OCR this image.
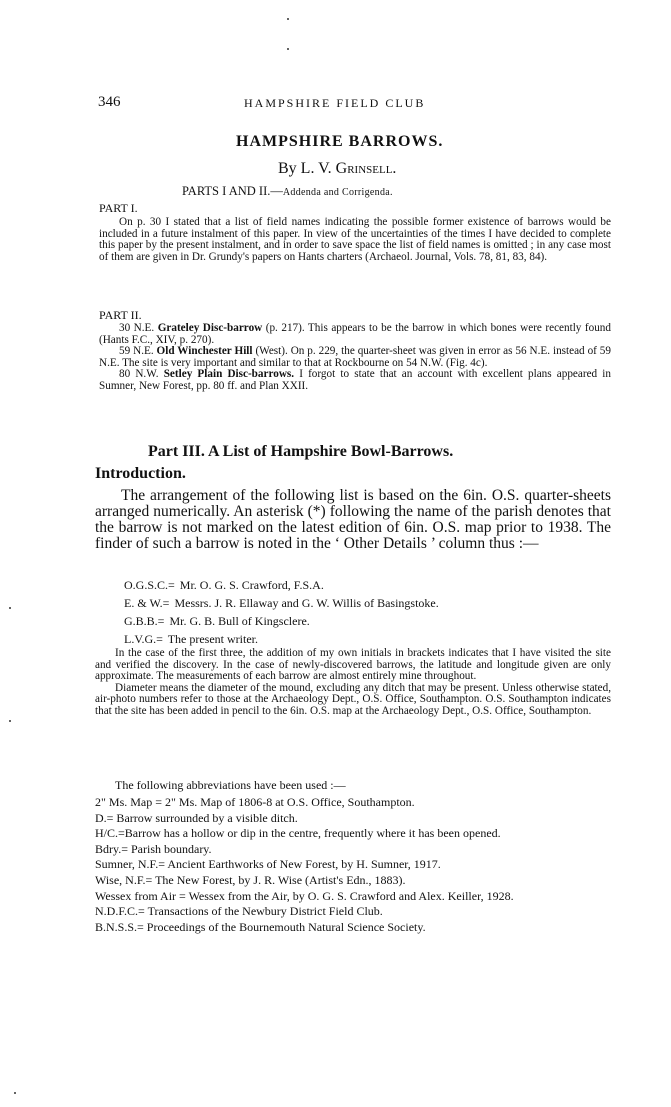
346	HAMPSHIRE FIELD CLUB
HAMPSHIRE BARROWS.
By L. V. Grinsell.
PARTS I AND II.—Addenda and Corrigenda.
PART I.

On p. 30 I stated that a list of field names indicating the possible former existence of barrows would be included in a future instalment of this paper. In view of the uncertainties of the times I have decided to complete this paper by the present instalment, and in order to save space the list of field names is omitted ; in any case most of them are given in Dr. Grundy's papers on Hants charters (Archaeol. Journal, Vols. 78, 81, 83, 84).

PART II.

30 N.E. Grateley Disc-barrow (p. 217). This appears to be the barrow in which bones were recently found (Hants F.C., XIV, p. 270).

59 N.E. Old Winchester Hill (West). On p. 229, the quarter-sheet was given in error as 56 N.E. instead of 59 N.E. The site is very important and similar to that at Rockbourne on 54 N.W. (Fig. 4c).

80 N.W. Setley Plain Disc-barrows. I forgot to state that an account with excellent plans appeared in Sumner, New Forest, pp. 80 ff. and Plan XXII.

Part III. A List of Hampshire Bowl-Barrows.
Introduction.

The arrangement of the following list is based on the 6in. O.S. quarter-sheets arranged numerically. An asterisk (*) following the name of the parish denotes that the barrow is not marked on the latest edition of 6in. O.S. map prior to 1938. The finder of such a barrow is noted in the ‘ Other Details ’ column thus :—

O.G.S.C.= Mr. O. G. S. Crawford, F.S.A.
E. & W.= Messrs. J. R. Ellaway and G. W. Willis of Basingstoke.
G.B.B.= Mr. G. B. Bull of Kingsclere.
L.V.G.= The present writer.

In the case of the first three, the addition of my own initials in brackets indicates that I have visited the site and verified the discovery. In the case of newly-discovered barrows, the latitude and longitude given are only approximate. The measurements of each barrow are almost entirely mine throughout.

Diameter means the diameter of the mound, excluding any ditch that may be present. Unless otherwise stated, air-photo numbers refer to those at the Archaeology Dept., O.S. Office, Southampton. O.S. Southampton indicates that the site has been added in pencil to the 6in. O.S. map at the Archaeology Dept., O.S. Office, Southampton.

The following abbreviations have been used :—

2" Ms. Map = 2" Ms. Map of 1806-8 at O.S. Office, Southampton.

D.= Barrow surrounded by a visible ditch.

H/C.=Barrow has a hollow or dip in the centre, frequently where it has been opened.

Bdry.= Parish boundary.

Sumner, N.F.= Ancient Earthworks of New Forest, by H. Sumner, 1917.

Wise, N.F.= The New Forest, by J. R. Wise (Artist's Edn., 1883).

Wessex from Air = Wessex from the Air, by O. G. S. Crawford and Alex. Keiller, 1928.

N.D.F.C.= Transactions of the Newbury District Field Club.

B.N.S.S.= Proceedings of the Bournemouth Natural Science Society.
